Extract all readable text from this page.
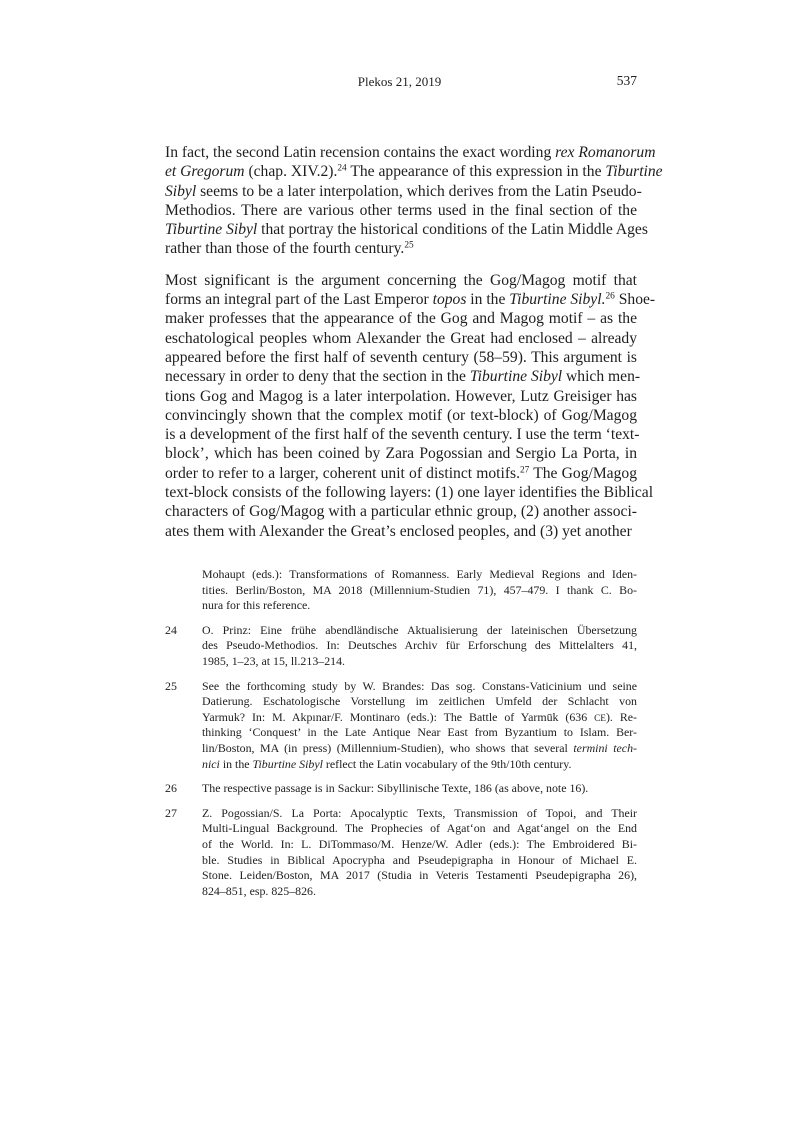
Plekos 21, 2019	537
In fact, the second Latin recension contains the exact wording rex Romanorum
et Gregorum (chap. XIV.2).$^{24}$ The appearance of this expression in the Tiburtine
Sibyl seems to be a later interpolation, which derives from the Latin Pseudo-
Methodios. There are various other terms used in the final section of the
Tiburtine Sibyl that portray the historical conditions of the Latin Middle Ages
rather than those of the fourth century.$^{25}$
Most significant is the argument concerning the Gog/Magog motif that
forms an integral part of the Last Emperor topos in the Tiburtine Sibyl.$^{26}$ Shoe-
maker professes that the appearance of the Gog and Magog motif – as the
eschatological peoples whom Alexander the Great had enclosed – already
appeared before the first half of seventh century (58–59). This argument is
necessary in order to deny that the section in the Tiburtine Sibyl which men-
tions Gog and Magog is a later interpolation. However, Lutz Greisiger has
convincingly shown that the complex motif (or text-block) of Gog/Magog
is a development of the first half of the seventh century. I use the term ‘text-
block’, which has been coined by Zara Pogossian and Sergio La Porta, in
order to refer to a larger, coherent unit of distinct motifs.$^{27}$ The Gog/Magog
text-block consists of the following layers: (1) one layer identifies the Biblical
characters of Gog/Magog with a particular ethnic group, (2) another associ-
ates them with Alexander the Great’s enclosed peoples, and (3) yet another
Mohaupt (eds.): Transformations of Romanness. Early Medieval Regions and Iden-
tities. Berlin/Boston, MA 2018 (Millennium-Studien 71), 457–479. I thank C. Bo-
nura for this reference.
24 O. Prinz: Eine frühe abendländische Aktualisierung der lateinischen Übersetzung
des Pseudo-Methodios. In: Deutsches Archiv für Erforschung des Mittelalters 41,
1985, 1–23, at 15, ll.213–214.
25 See the forthcoming study by W. Brandes: Das sog. Constans-Vaticinium und seine
Datierung. Eschatologische Vorstellung im zeitlichen Umfeld der Schlacht von
Yarmuk? In: M. Akpınar/F. Montinaro (eds.): The Battle of Yarmūk (636 CE). Re-
thinking ‘Conquest’ in the Late Antique Near East from Byzantium to Islam. Ber-
lin/Boston, MA (in press) (Millennium-Studien), who shows that several termini tech-
nici in the Tiburtine Sibyl reflect the Latin vocabulary of the 9th/10th century.
26 The respective passage is in Sackur: Sibyllinische Texte, 186 (as above, note 16).
27 Z. Pogossian/S. La Porta: Apocalyptic Texts, Transmission of Topoi, and Their
Multi-Lingual Background. The Prophecies of Agat‘on and Agat‘angel on the End
of the World. In: L. DiTommaso/M. Henze/W. Adler (eds.): The Embroidered Bi-
ble. Studies in Biblical Apocrypha and Pseudepigrapha in Honour of Michael E.
Stone. Leiden/Boston, MA 2017 (Studia in Veteris Testamenti Pseudepigrapha 26),
824–851, esp. 825–826.
